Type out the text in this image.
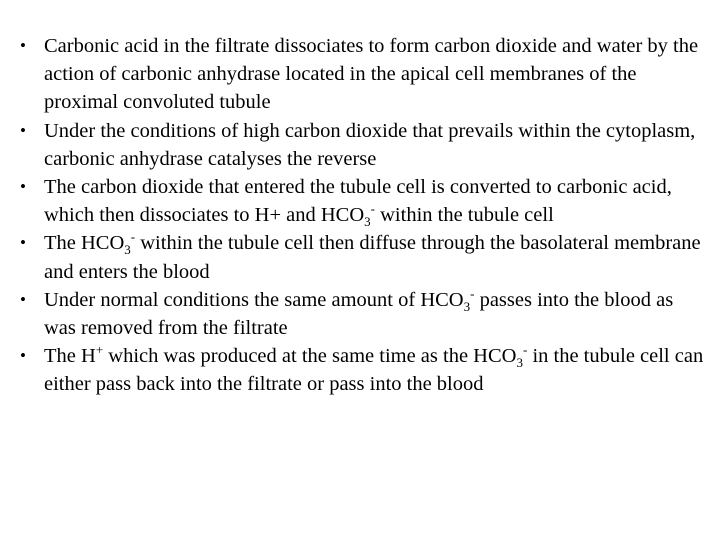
• Carbonic acid in the filtrate dissociates to form carbon dioxide and water by the action of carbonic anhydrase located in the apical cell membranes of the proximal convoluted tubule
• Under the conditions of high carbon dioxide that prevails within the cytoplasm, carbonic anhydrase catalyses the reverse
• The carbon dioxide that entered the tubule cell is converted to carbonic acid, which then dissociates to H+ and $HCO_3^-$ within the tubule cell
• The $HCO_3^-$ within the tubule cell then diffuse through the basolateral membrane and enters the blood
• Under normal conditions the same amount of $HCO_3^-$ passes into the blood as was removed from the filtrate
• The H+ which was produced at the same time as the $HCO_3^-$ in the tubule cell can either pass back into the filtrate or pass into the blood
